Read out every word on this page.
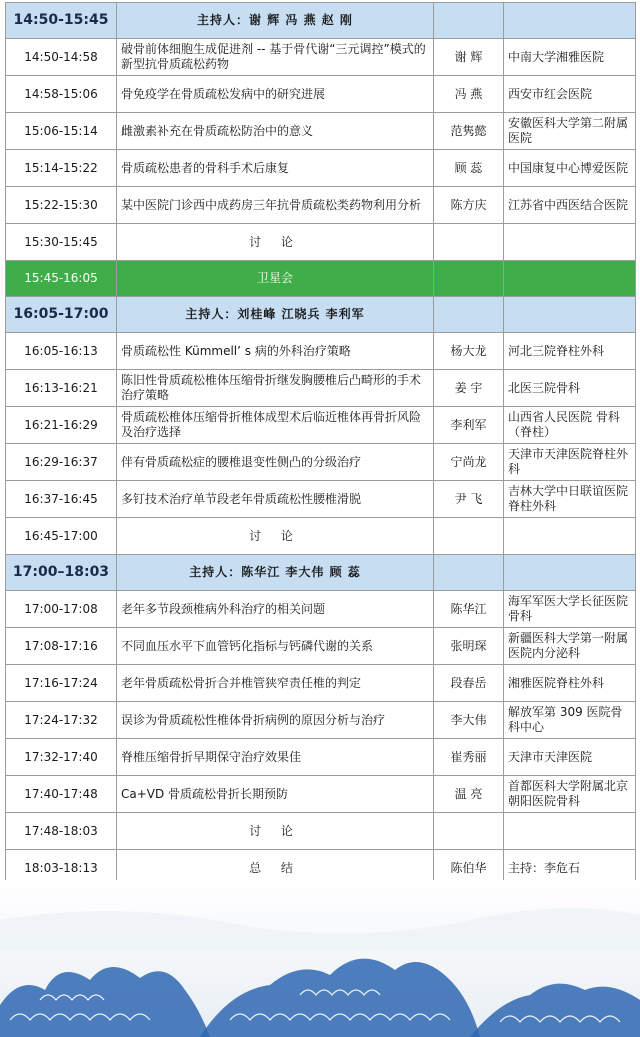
14:50-15:45	主持人：谢 辉 冯 燕 赵 刚		
14:50-14:58	破骨前体细胞生成促进剂 -- 基于骨代谢“三元调控”模式的新型抗骨质疏松药物	谢 辉	中南大学湘雅医院
14:58-15:06	骨免疫学在骨质疏松发病中的研究进展	冯 燕	西安市红会医院
15:06-15:14	雌激素补充在骨质疏松防治中的意义	范隽懿	安徽医科大学第二附属医院
15:14-15:22	骨质疏松患者的骨科手术后康复	顾 蕊	中国康复中心博爱医院
15:22-15:30	某中医院门诊西中成药房三年抗骨质疏松类药物利用分析	陈方庆	江苏省中西医结合医院
15:30-15:45	讨 论		
15:45-16:05	卫星会		
16:05-17:00	主持人：刘桂峰 江晓兵 李利军		
16:05-16:13	骨质疏松性 Kümmell’ s 病的外科治疗策略	杨大龙	河北三院脊柱外科
16:13-16:21	陈旧性骨质疏松椎体压缩骨折继发胸腰椎后凸畸形的手术治疗策略	姜 宇	北医三院骨科
16:21-16:29	骨质疏松椎体压缩骨折椎体成型术后临近椎体再骨折风险及治疗选择	李利军	山西省人民医院 骨科（脊柱）
16:29-16:37	伴有骨质疏松症的腰椎退变性侧凸的分级治疗	宁尚龙	天津市天津医院脊柱外科
16:37-16:45	多钉技术治疗单节段老年骨质疏松性腰椎滑脱	尹 飞	吉林大学中日联谊医院脊柱外科
16:45-17:00	讨 论		
17:00–18:03	主持人：陈华江 李大伟 顾 蕊		
17:00-17:08	老年多节段颈椎病外科治疗的相关问题	陈华江	海军军医大学长征医院骨科
17:08-17:16	不同血压水平下血管钙化指标与钙磷代谢的关系	张明琛	新疆医科大学第一附属医院内分泌科
17:16-17:24	老年骨质疏松骨折合并椎管狭窄责任椎的判定	段春岳	湘雅医院脊柱外科
17:24-17:32	误诊为骨质疏松性椎体骨折病例的原因分析与治疗	李大伟	解放军第 309 医院骨科中心
17:32-17:40	脊椎压缩骨折早期保守治疗效果佳	崔秀丽	天津市天津医院
17:40-17:48	Ca+VD 骨质疏松骨折长期预防	温 亮	首都医科大学附属北京朝阳医院骨科
17:48-18:03	讨 论		
18:03-18:13	总 结	陈伯华	主持：李危石
